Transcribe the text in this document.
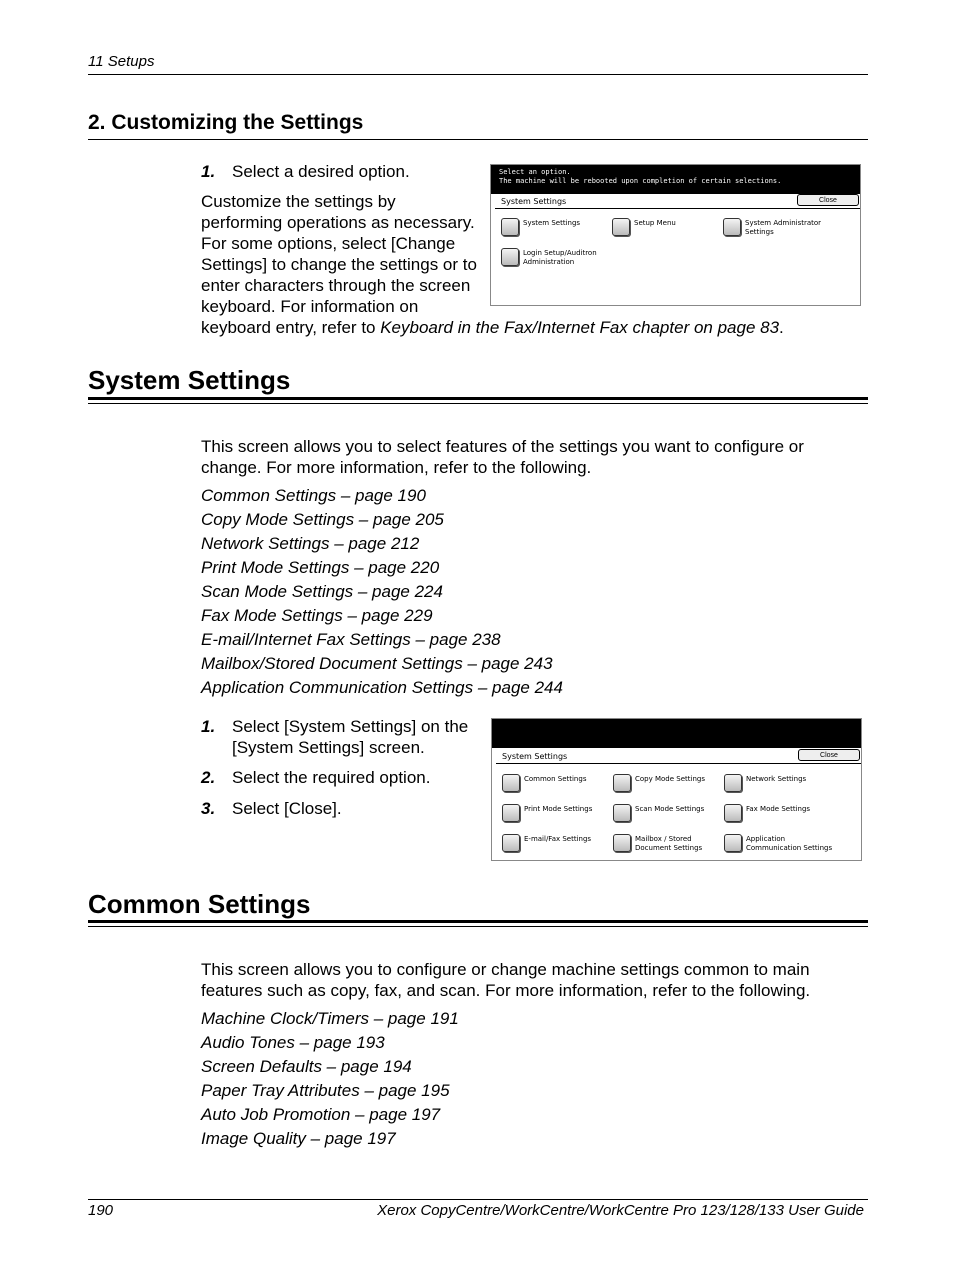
11 Setups
2. Customizing the Settings
1. Select a desired option.
Customize the settings by
performing operations as necessary.
For some options, select [Change
Settings] to change the settings or to
enter characters through the screen
keyboard. For information on
keyboard entry, refer to Keyboard in the Fax/Internet Fax chapter on page 83.
Select an option.
The machine will be rebooted upon completion of certain selections.
System Settings	Close
System Settings	Setup Menu	System Administrator
Settings
Login Setup/Auditron
Administration
System Settings
This screen allows you to select features of the settings you want to configure or
change. For more information, refer to the following.
Common Settings – page 190
Copy Mode Settings – page 205
Network Settings – page 212
Print Mode Settings – page 220
Scan Mode Settings – page 224
Fax Mode Settings – page 229
E-mail/Internet Fax Settings – page 238
Mailbox/Stored Document Settings – page 243
Application Communication Settings – page 244
1. Select [System Settings] on the
[System Settings] screen.
2. Select the required option.
3. Select [Close].
System Settings	Close
Common Settings	Copy Mode Settings	Network Settings
Print Mode Settings	Scan Mode Settings	Fax Mode Settings
E-mail/Fax Settings	Mailbox / Stored
Document Settings
Application
Communication Settings
Common Settings
This screen allows you to configure or change machine settings common to main
features such as copy, fax, and scan. For more information, refer to the following.
Machine Clock/Timers – page 191
Audio Tones – page 193
Screen Defaults – page 194
Paper Tray Attributes – page 195
Auto Job Promotion – page 197
Image Quality – page 197
190	Xerox CopyCentre/WorkCentre/WorkCentre Pro 123/128/133 User Guide
